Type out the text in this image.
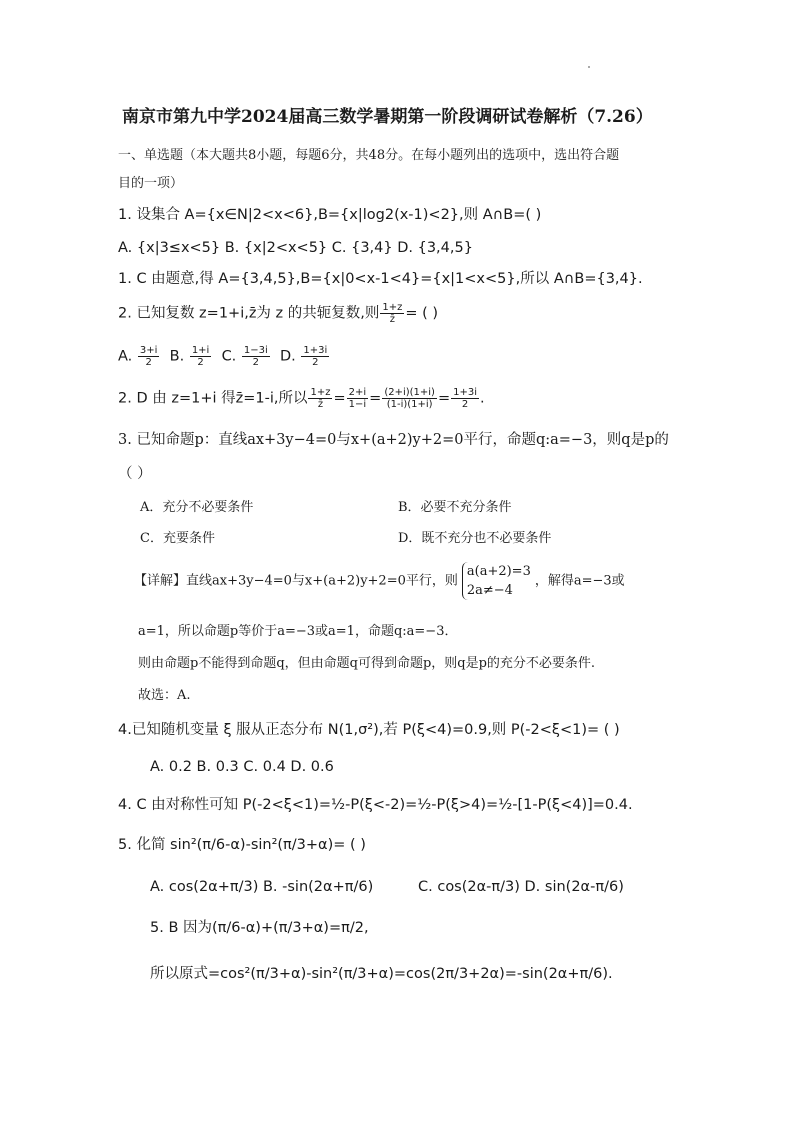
南京市第九中学2024届高三数学暑期第一阶段调研试卷解析（7.26）
一、单选题（本大题共8小题，每题6分，共48分。在每小题列出的选项中，选出符合题
目的一项）
1. 设集合 A={x∈N|2<x<6},B={x|log2(x-1)<2},则 A∩B=( )
A. {x|3≤x<5} B. {x|2<x<5} C. {3,4} D. {3,4,5}
1. C 由题意,得 A={3,4,5},B={x|0<x-1<4}={x|1<x<5},所以 A∩B={3,4}.
2. 已知复数 z=1+i,z̄为 z 的共轭复数,则 $\frac{1+z}{z̄}$ = ( )
A. $\frac{3+i}{2} B$. $\frac{1+i}{2} C$. $\frac{1-3i}{2} D$. $\frac{1+3i}{2}$
2. D 由 z=1+i 得z̄=1-i,所以 $\frac{1+z}{z̄} = \frac{2+i}{1-i} = \frac{(2+i)(1+i)}{(1-i)(1+i)} = \frac{1+3i}{2}$ .
3. 已知命题p：直线ax+3y−4=0与x+(a+2)y+2=0平行，命题q:a=−3，则q是p的
（ ）
A．充分不必要条件	B．必要不充分条件
C．充要条件	D．既不充分也不必要条件
【详解】直线ax+3y−4=0与x+(a+2)y+2=0平行，则
a(a+2)=3
2a≠−4
，解得a=−3或
a=1，所以命题p等价于a=−3或a=1，命题q:a=−3．
则由命题p不能得到命题q，但由命题q可得到命题p，则q是p的充分不必要条件.
故选：A.
4.已知随机变量 ξ 服从正态分布 N(1,σ²),若 P(ξ<4)=0.9,则 P(-2<ξ<1)= ( )
A. 0.2 B. 0.3 C. 0.4 D. 0.6
4. C 由对称性可知 P(-2<ξ<1)=½-P(ξ<-2)=½-P(ξ>4)=½-[1-P(ξ<4)]=0.4.
5. 化简 sin²(π/6-α)-sin²(π/3+α)= ( )
A. cos(2α+π/3) B. -sin(2α+π/6)	C. cos(2α-π/3) D. sin(2α-π/6)
5. B 因为(π/6-α)+(π/3+α)=π/2,
所以原式=cos²(π/3+α)-sin²(π/3+α)=cos(2π/3+2α)=-sin(2α+π/6).
